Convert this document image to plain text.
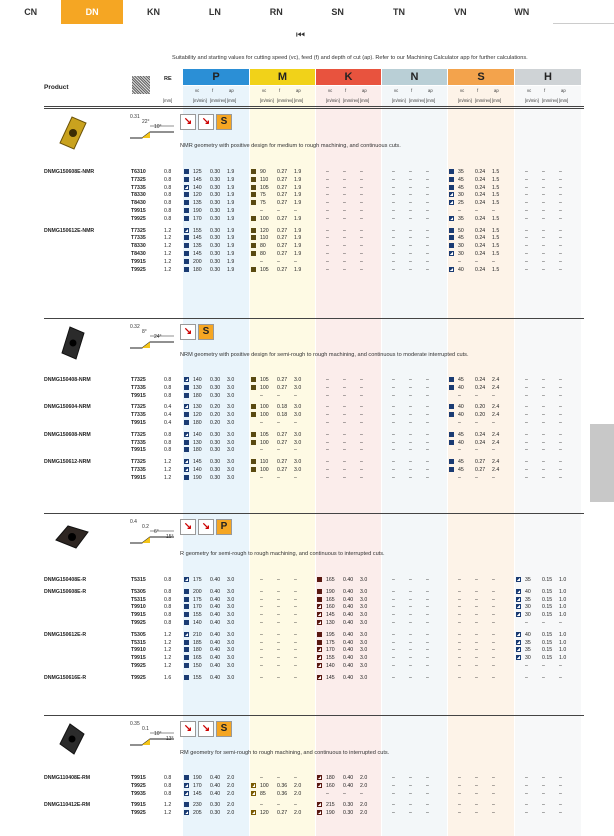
CN	DN	KN	LN	RN	SN	TN	VN	WN
⏮
Suitability and starting values for cutting speed (vc), feed (f) and depth of cut (ap). Refer to our Machining Calculator app for further calculations.
Product
RE	P
vc
[m/min]
f
[mm/rev]
ap
[mm]
M
vc
[m/min]
f
[mm/rev]
ap
[mm]
K
vc
[m/min]
f
[mm/rev]
ap
[mm]
N
vc
[m/min]
f
[mm/rev]
ap
[mm]
S
vc
[m/min]
f
[mm/rev]
ap
[mm]
H
vc
[m/min]
f
[mm/rev]
ap
[mm]
[mm]
0.31
22°
10°	↘ ↘	S
NMR geometry with positive design for medium to rough machining, and continuous cuts.
DNMG150608E-NMR	T6310	0.8	125 0.30 1.9	90 0.27 1.9	–	–	–	–	–	–	35 0.24 1.5	–	–	–
T7325	0.8	145 0.30 1.9	110 0.27 1.9	–	–	–	–	–	–	45 0.24 1.5	–	–	–
T7335	0.8	140 0.30 1.9	105 0.27 1.9	–	–	–	–	–	–	45 0.24 1.5	–	–	–
T8330	0.8	120 0.30 1.9	75 0.27 1.9	–	–	–	–	–	–	30 0.24 1.5	–	–	–
T8430	0.8	135 0.30 1.9	75 0.27 1.9	–	–	–	–	–	–	25 0.24 1.5	–	–	–
T9915	0.8	190 0.30 1.9	–	–	–	–	–	–	–	–	–	–	–	–	–	–	–
T9925	0.8	170 0.30 1.9	100 0.27 1.9	–	–	–	–	–	–	35 0.24 1.5	–	–	–
DNMG150612E-NMR	T7325	1.2	155 0.30 1.9	120 0.27 1.9	–	–	–	–	–	–	50 0.24 1.5	–	–	–
T7335	1.2	145 0.30 1.9	110 0.27 1.9	–	–	–	–	–	–	45 0.24 1.5	–	–	–
T8330	1.2	135 0.30 1.9	80 0.27 1.9	–	–	–	–	–	–	30 0.24 1.5	–	–	–
T8430	1.2	145 0.30 1.9	80 0.27 1.9	–	–	–	–	–	–	30 0.24 1.5	–	–	–
T9915	1.2	200 0.30 1.9	–	–	–	–	–	–	–	–	–	–	–	–	–	–	–
T9925	1.2	180 0.30 1.9	105 0.27 1.9	–	–	–	–	–	–	40 0.24 1.5	–	–	–
0.32
8°
24°	↘	S
NRM geometry with positive design for semi-rough to rough machining, and continuous to moderate interrupted cuts.
DNMG150408-NRM	T7325	0.8	140 0.30 3.0	105 0.27 3.0	–	–	–	–	–	–	45 0.24 2.4	–	–	–
T7335	0.8	130 0.30 3.0	100 0.27 3.0	–	–	–	–	–	–	40 0.24 2.4	–	–	–
T9915	0.8	180 0.30 3.0	–	–	–	–	–	–	–	–	–	–	–	–	–	–	–
DNMG150604-NRM	T7325	0.4	130 0.20 3.0	100 0.18 3.0	–	–	–	–	–	–	40 0.20 2.4	–	–	–
T7335	0.4	120 0.20 3.0	100 0.18 3.0	–	–	–	–	–	–	40 0.20 2.4	–	–	–
T9915	0.4	180 0.20 3.0	–	–	–	–	–	–	–	–	–	–	–	–	–	–	–
DNMG150608-NRM	T7325	0.8	140 0.30 3.0	105 0.27 3.0	–	–	–	–	–	–	45 0.24 2.4	–	–	–
T7335	0.8	130 0.30 3.0	100 0.27 3.0	–	–	–	–	–	–	40 0.24 2.4	–	–	–
T9915	0.8	180 0.30 3.0	–	–	–	–	–	–	–	–	–	–	–	–	–	–	–
DNMG150612-NRM	T7325	1.2	145 0.30 3.0	110 0.27 3.0	–	–	–	–	–	–	45 0.27 2.4	–	–	–
T7335	1.2	140 0.30 3.0	100 0.27 3.0	–	–	–	–	–	–	45 0.27 2.4	–	–	–
T9915	1.2	190 0.30 3.0	–	–	–	–	–	–	–	–	–	–	–	–	–	–	–
0.4
0.2
6°
15°
↘ ↘	P
R geometry for semi-rough to rough machining, and continuous to interrupted cuts.
DNMG150408E-R	T5315	0.8	175 0.40 3.0	–	–	–	165 0.40 3.0	–	–	–	–	–	–	35 0.15 1.0
DNMG150608E-R	T5305	0.8	200 0.40 3.0	–	–	–	190 0.40 3.0	–	–	–	–	–	–	40 0.15 1.0
T5315	0.8	175 0.40 3.0	–	–	–	165 0.40 3.0	–	–	–	–	–	–	35 0.15 1.0
T9910	0.8	170 0.40 3.0	–	–	–	160 0.40 3.0	–	–	–	–	–	–	30 0.15 1.0
T9915	0.8	155 0.40 3.0	–	–	–	145 0.40 3.0	–	–	–	–	–	–	30 0.15 1.0
T9925	0.8	140 0.40 3.0	–	–	–	130 0.40 3.0	–	–	–	–	–	–	–	–	–
DNMG150612E-R	T5305	1.2	210 0.40 3.0	–	–	–	195 0.40 3.0	–	–	–	–	–	–	40 0.15 1.0
T5315	1.2	185 0.40 3.0	–	–	–	175 0.40 3.0	–	–	–	–	–	–	35 0.15 1.0
T9910	1.2	180 0.40 3.0	–	–	–	170 0.40 3.0	–	–	–	–	–	–	35 0.15 1.0
T9915	1.2	165 0.40 3.0	–	–	–	155 0.40 3.0	–	–	–	–	–	–	30 0.15 1.0
T9925	1.2	150 0.40 3.0	–	–	–	140 0.40 3.0	–	–	–	–	–	–	–	–	–
DNMG150616E-R	T9925	1.6	155 0.40 3.0	–	–	–	145 0.40 3.0	–	–	–	–	–	–	–	–	–
0.35
0.1
10°
13°
↘ ↘	S
RM geometry for semi-rough to rough machining, and continuous to interrupted cuts.
DNMG110408E-RM	T9915	0.8	190 0.40 2.0	–	–	–	180 0.40 2.0	–	–	–	–	–	–	–	–	–
T9925	0.8	170 0.40 2.0	100 0.36 2.0	160 0.40 2.0	–	–	–	–	–	–	–	–	–
T9935	0.8	145 0.40 2.0	85 0.36 2.0	–	–	–	–	–	–	–	–	–	–	–	–
DNMG110412E-RM	T9915	1.2	230 0.30 2.0	–	–	–	215 0.30 2.0	–	–	–	–	–	–	–	–	–
T9925	1.2	205 0.30 2.0	120 0.27 2.0	190 0.30 2.0	–	–	–	–	–	–	–	–	–
